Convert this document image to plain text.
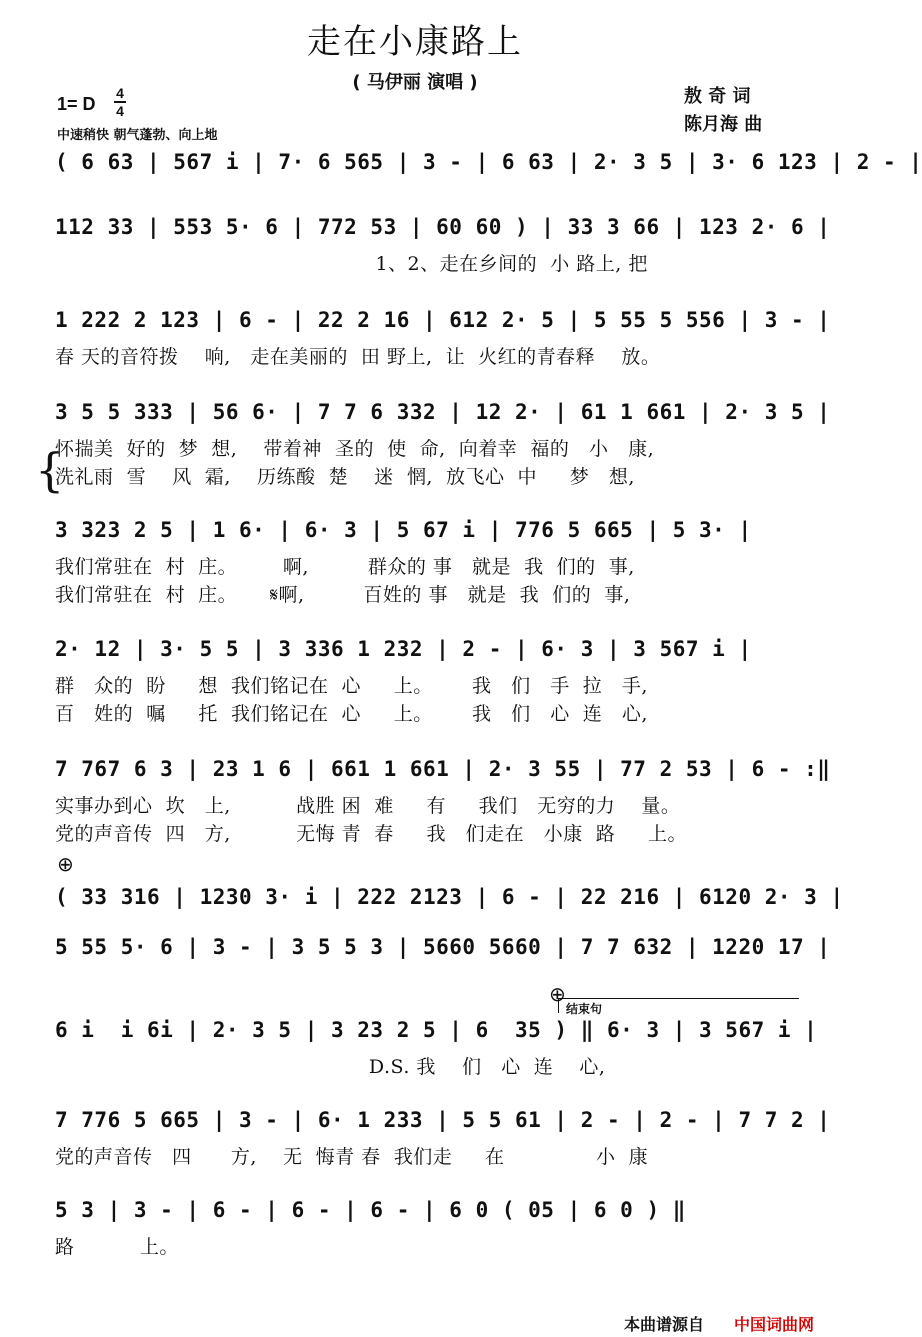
走在小康路上
( 马伊丽 演唱 )
1= D
4
4
中速稍快 朝气蓬勃、向上地
敖 奇 词
陈月海 曲
{
⊕
⊕
结束句
( 6 63 | 567 i | 7· 6 565 | 3 - | 6 63 | 2· 3 5 | 3· 6 123 | 2 - |
112 33 | 553 5· 6 | 772 53 | 60 60 ) | 33 3 66 | 123 2· 6 |
1、2、走在乡间的  小 路上, 把
1 222 2 123 | 6 - | 22 2 16 | 612 2· 5 | 5 55 5 556 | 3 - |
春 天的音符拨    响,   走在美丽的  田 野上,  让  火红的青春释    放。
3 5 5 333 | 56 6· | 7 7 6 332 | 12 2· | 61 1 661 | 2· 3 5 |
怀揣美  好的  梦  想,    带着神  圣的  使  命,  向着幸  福的   小   康,
洗礼雨  雪    风  霜,    历练酸  楚    迷  惘,  放飞心  中     梦   想,
3 323 2 5 | 1 6· | 6· 3 | 5 67 i | 776 5 665 | 5 3· |
我们常驻在  村  庄。       啊,         群众的 事   就是  我  们的  事,
我们常驻在  村  庄。     𝄋啊,         百姓的 事   就是  我  们的  事,
2· 12 | 3· 5 5 | 3 336 1 232 | 2 - | 6· 3 | 3 567 i |
群   众的  盼     想  我们铭记在  心     上。      我   们   手  拉   手,
百   姓的  嘱     托  我们铭记在  心     上。      我   们   心  连   心,
7 767 6 3 | 23 1 6 | 661 1 661 | 2· 3 55 | 77 2 53 | 6 - :‖
实事办到心  坎   上,          战胜 困  难     有     我们   无穷的力    量。
党的声音传  四   方,          无悔 青  春     我   们走在   小康  路     上。
( 33 316 | 1230 3· i | 222 2123 | 6 - | 22 216 | 6120 2· 3 |
5 55 5· 6 | 3 - | 3 5 5 3 | 5660 5660 | 7 7 632 | 1220 17 |
6 i  i 6i | 2· 3 5 | 3 23 2 5 | 6  35 ) ‖ 6· 3 | 3 567 i |
D.S. 我    们   心  连    心,
7 776 5 665 | 3 - | 6· 1 233 | 5 5 61 | 2 - | 2 - | 7 7 2 |
党的声音传   四      方,    无  悔青 春  我们走     在              小  康
5 3 | 3 - | 6 - | 6 - | 6 - | 6 0 ( 05 | 6 0 ) ‖
路          上。
本曲谱源自 中国词曲网
